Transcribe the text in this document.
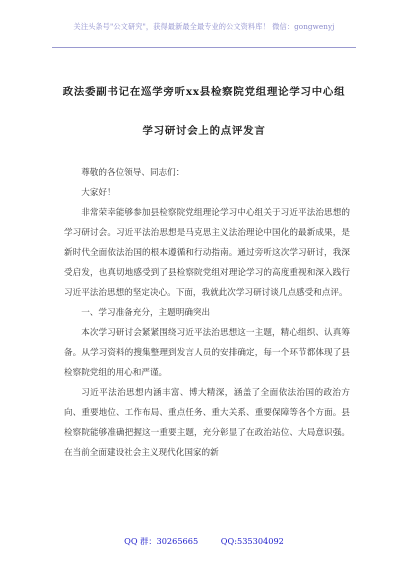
关注头条号"公文研究"，获得最新最全最专业的公文资料库！ 微信：gongwenyj
政法委副书记在巡学旁听xx县检察院党组理论学习中心组
学习研讨会上的点评发言

尊敬的各位领导、同志们：

大家好！

非常荣幸能够参加县检察院党组理论学习中心组关于习近平法治思想的学习研讨会。习近平法治思想是马克思主义法治理论中国化的最新成果，是新时代全面依法治国的根本遵循和行动指南。通过旁听这次学习研讨，我深受启发，也真切地感受到了县检察院党组对理论学习的高度重视和深入践行习近平法治思想的坚定决心。下面，我就此次学习研讨谈几点感受和点评。

一、学习准备充分，主题明确突出

本次学习研讨会紧紧围绕习近平法治思想这一主题，精心组织、认真筹备。从学习资料的搜集整理到发言人员的安排确定，每一个环节都体现了县检察院党组的用心和严谨。

习近平法治思想内涵丰富、博大精深，涵盖了全面依法治国的政治方向、重要地位、工作布局、重点任务、重大关系、重要保障等各个方面。县检察院能够准确把握这一重要主题，充分彰显了在政治站位、大局意识强。在当前全面建设社会主义现代化国家的新

QQ 群：30265665	QQ:535304092
